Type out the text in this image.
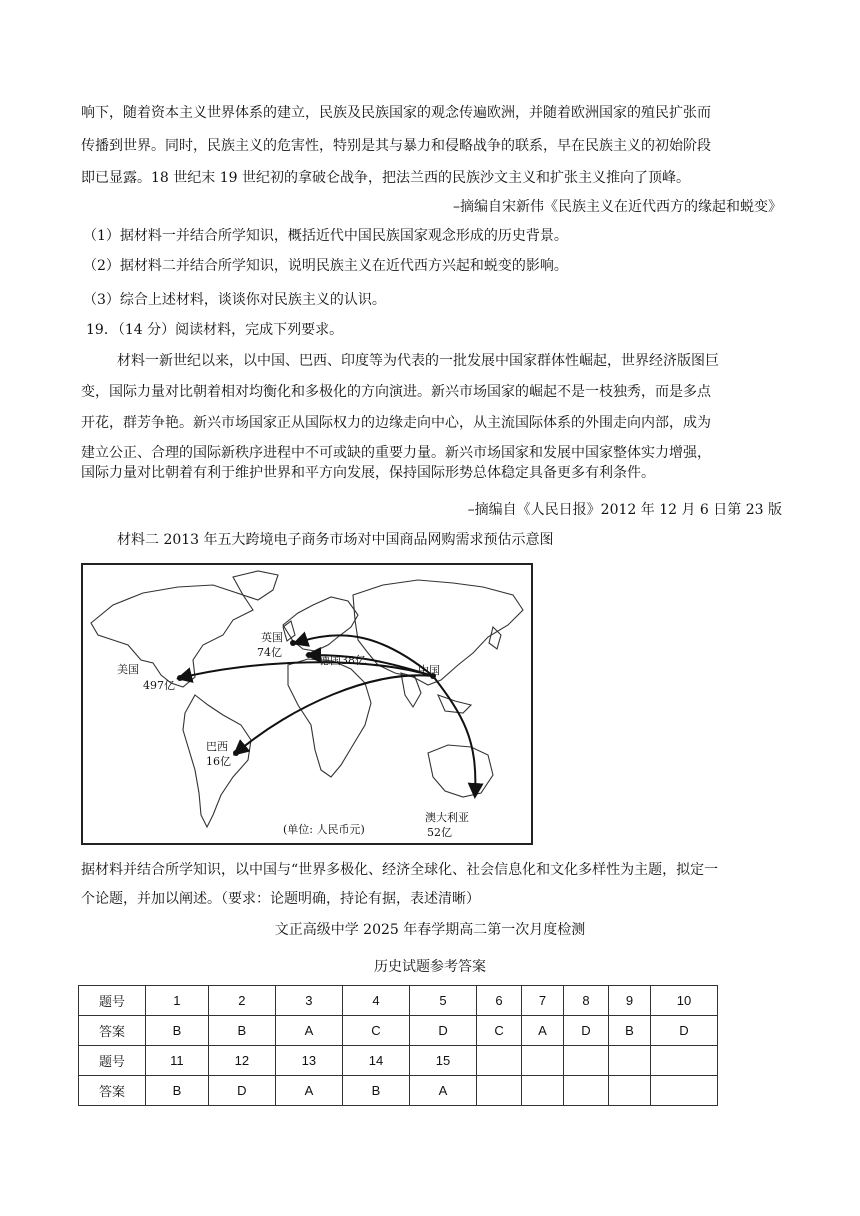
响下，随着资本主义世界体系的建立，民族及民族国家的观念传遍欧洲，并随着欧洲国家的殖民扩张而
传播到世界。同时，民族主义的危害性，特别是其与暴力和侵略战争的联系，早在民族主义的初始阶段
即已显露。18 世纪末 19 世纪初的拿破仑战争，把法兰西的民族沙文主义和扩张主义推向了顶峰。
–摘编自宋新伟《民族主义在近代西方的缘起和蜕变》
（1）据材料一并结合所学知识，概括近代中国民族国家观念形成的历史背景。
（2）据材料二并结合所学知识，说明民族主义在近代西方兴起和蜕变的影响。
（3）综合上述材料，谈谈你对民族主义的认识。
19．（14 分）阅读材料，完成下列要求。
材料一新世纪以来，以中国、巴西、印度等为代表的一批发展中国家群体性崛起，世界经济版图巨
变，国际力量对比朝着相对均衡化和多极化的方向演进。新兴市场国家的崛起不是一枝独秀，而是多点
开花，群芳争艳。新兴市场国家正从国际权力的边缘走向中心，从主流国际体系的外围走向内部，成为
建立公正、合理的国际新秩序进程中不可或缺的重要力量。新兴市场国家和发展中国家整体实力增强，
国际力量对比朝着有利于维护世界和平方向发展，保持国际形势总体稳定具备更多有利条件。
–摘编自《人民日报》2012 年 12 月 6 日第 23 版
材料二 2013 年五大跨境电子商务市场对中国商品网购需求预估示意图
英国
74亿
德国38亿
美国
497亿
中国
巴西
16亿
澳大利亚
52亿
(单位: 人民币元)
据材料并结合所学知识，以中国与“世界多极化、经济全球化、社会信息化和文化多样性为主题，拟定一
个论题，并加以阐述。（要求：论题明确，持论有据，表述清晰）
文正高级中学 2025 年春学期高二第一次月度检测
历史试题参考答案
题号	1	2	3	4	5	6	7	8	9	10
答案	B	B	A	C	D	C	A	D	B	D
题号	11	12	13	14	15					
答案	B	D	A	B	A					
